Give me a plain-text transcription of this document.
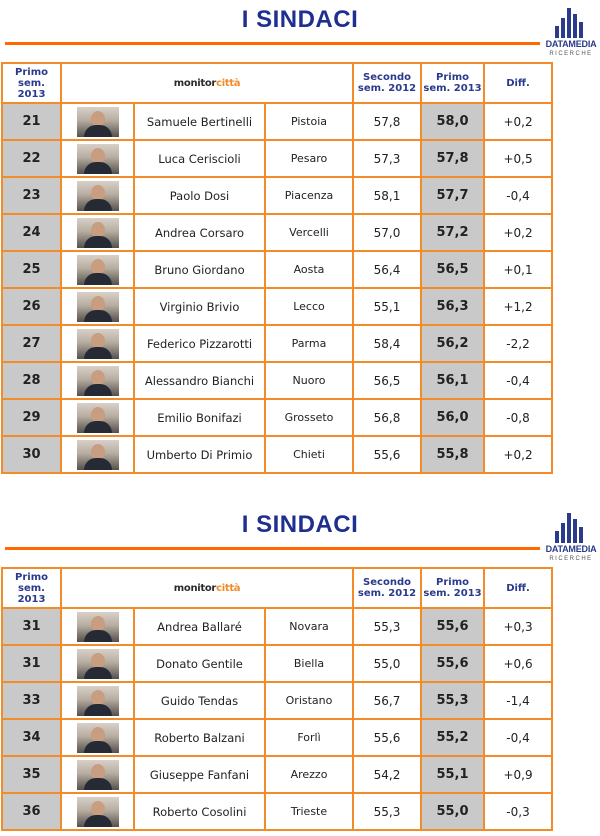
I SINDACI
DATAMEDIA
RICERCHE
Primo sem. 2013	monitorcittà			Secondo sem. 2012	Primo sem. 2013	Diff.
21		Samuele Bertinelli	Pistoia	57,8	58,0	+0,2
22		Luca Ceriscioli	Pesaro	57,3	57,8	+0,5
23		Paolo Dosi	Piacenza	58,1	57,7	-0,4
24		Andrea Corsaro	Vercelli	57,0	57,2	+0,2
25		Bruno Giordano	Aosta	56,4	56,5	+0,1
26		Virginio Brivio	Lecco	55,1	56,3	+1,2
27		Federico Pizzarotti	Parma	58,4	56,2	-2,2
28		Alessandro Bianchi	Nuoro	56,5	56,1	-0,4
29		Emilio Bonifazi	Grosseto	56,8	56,0	-0,8
30		Umberto Di Primio	Chieti	55,6	55,8	+0,2
I SINDACI
DATAMEDIA
RICERCHE
Primo sem. 2013	monitorcittà			Secondo sem. 2012	Primo sem. 2013	Diff.
31		Andrea Ballaré	Novara	55,3	55,6	+0,3
31		Donato Gentile	Biella	55,0	55,6	+0,6
33		Guido Tendas	Oristano	56,7	55,3	-1,4
34		Roberto Balzani	Forlì	55,6	55,2	-0,4
35		Giuseppe Fanfani	Arezzo	54,2	55,1	+0,9
36		Roberto Cosolini	Trieste	55,3	55,0	-0,3
